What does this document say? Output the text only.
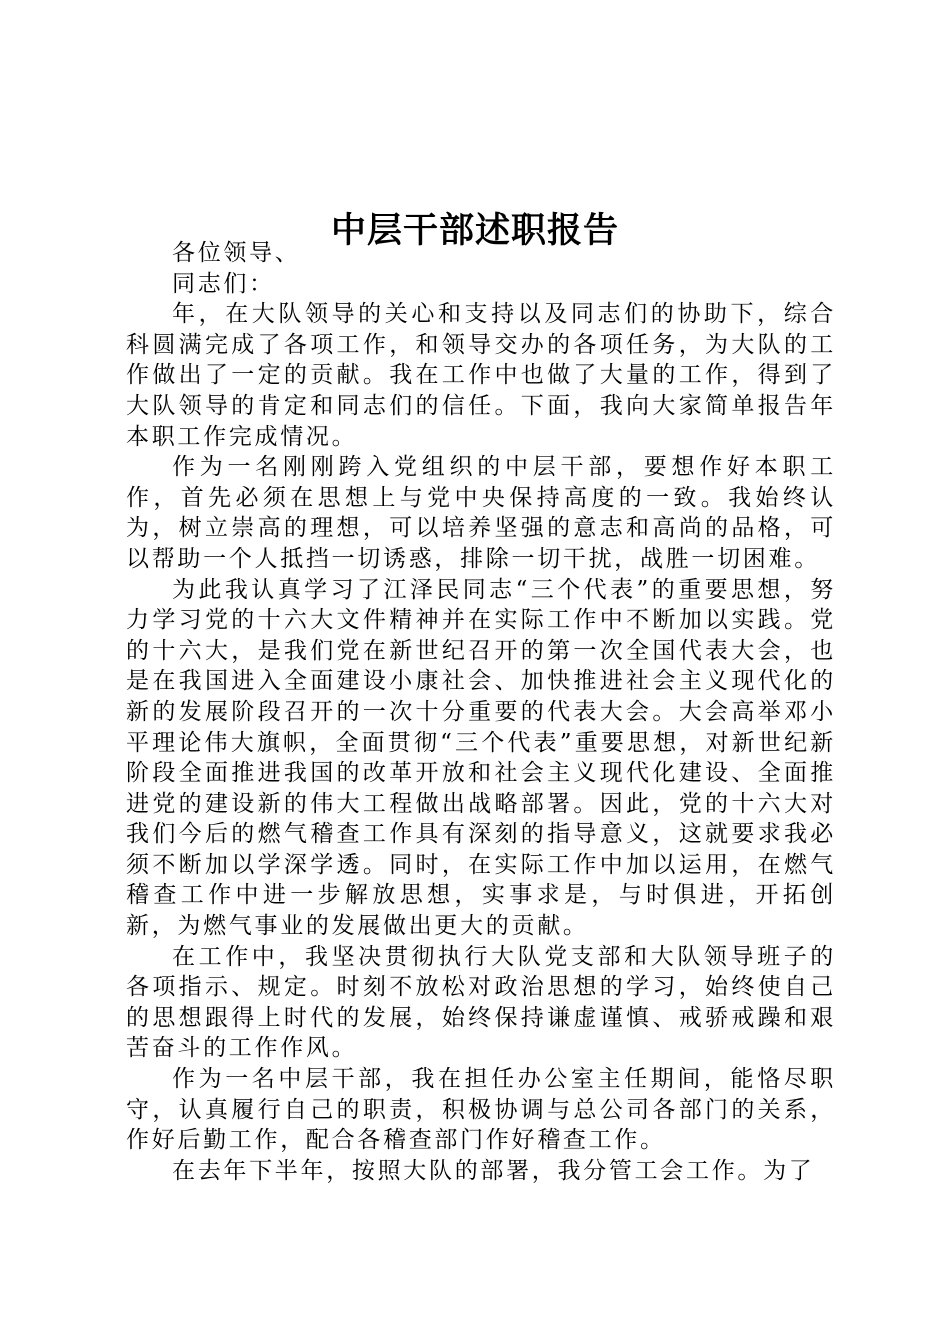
中层干部述职报告

各位领导、

同志们：

年，在大队领导的关心和支持以及同志们的协助下，综合科圆满完成了各项工作，和领导交办的各项任务，为大队的工作做出了一定的贡献。我在工作中也做了大量的工作，得到了大队领导的肯定和同志们的信任。下面，我向大家简单报告年本职工作完成情况。

作为一名刚刚跨入党组织的中层干部，要想作好本职工作，首先必须在思想上与党中央保持高度的一致。我始终认为，树立崇高的理想，可以培养坚强的意志和高尚的品格，可以帮助一个人抵挡一切诱惑，排除一切干扰，战胜一切困难。

为此我认真学习了江泽民同志“三个代表”的重要思想，努力学习党的十六大文件精神并在实际工作中不断加以实践。党的十六大，是我们党在新世纪召开的第一次全国代表大会，也是在我国进入全面建设小康社会、加快推进社会主义现代化的新的发展阶段召开的一次十分重要的代表大会。大会高举邓小平理论伟大旗帜，全面贯彻“三个代表”重要思想，对新世纪新阶段全面推进我国的改革开放和社会主义现代化建设、全面推进党的建设新的伟大工程做出战略部署。因此，党的十六大对我们今后的燃气稽查工作具有深刻的指导意义，这就要求我必须不断加以学深学透。同时，在实际工作中加以运用，在燃气稽查工作中进一步解放思想，实事求是，与时俱进，开拓创新，为燃气事业的发展做出更大的贡献。

在工作中，我坚决贯彻执行大队党支部和大队领导班子的各项指示、规定。时刻不放松对政治思想的学习，始终使自己的思想跟得上时代的发展，始终保持谦虚谨慎、戒骄戒躁和艰苦奋斗的工作作风。

作为一名中层干部，我在担任办公室主任期间，能恪尽职守，认真履行自己的职责，积极协调与总公司各部门的关系，作好后勤工作，配合各稽查部门作好稽查工作。

在去年下半年，按照大队的部署，我分管工会工作。为了
